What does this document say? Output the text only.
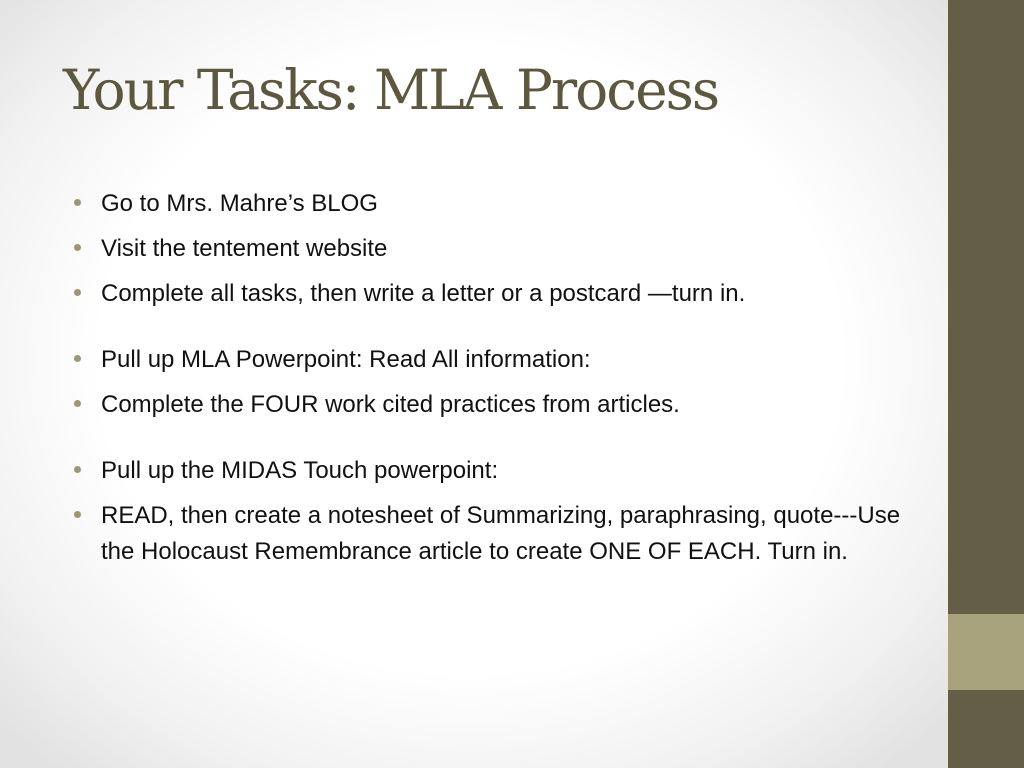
Your Tasks: MLA Process
Go to Mrs. Mahre’s BLOG
Visit the tentement website
Complete all tasks, then write a letter or a postcard —turn in.
Pull up MLA Powerpoint: Read All information:
Complete the FOUR work cited practices from articles.
Pull up the MIDAS Touch powerpoint:
READ, then create a notesheet of Summarizing, paraphrasing, quote---Use the Holocaust Remembrance article to create ONE OF EACH. Turn in.
